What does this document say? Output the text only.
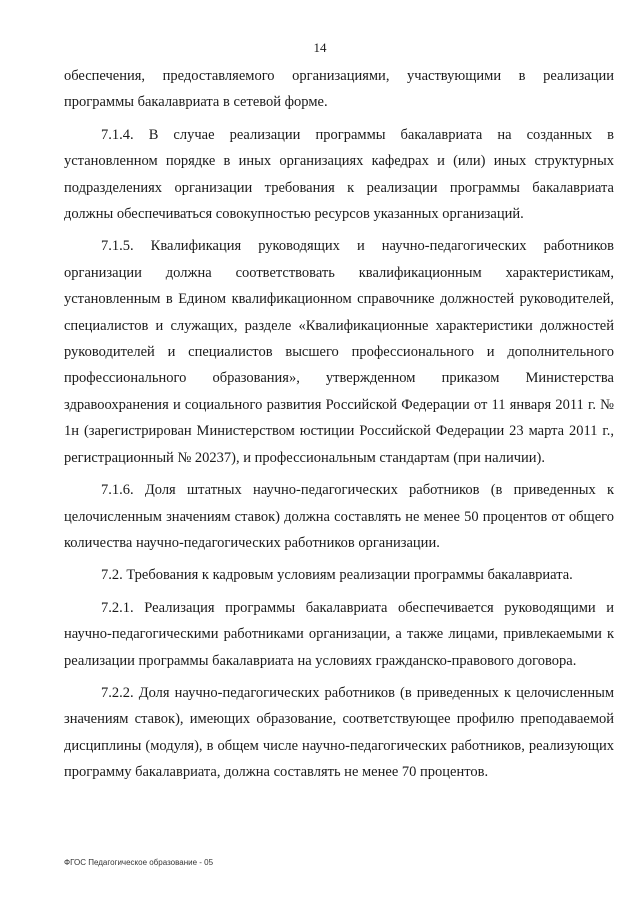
14

обеспечения, предоставляемого организациями, участвующими в реализации программы бакалавриата в сетевой форме.

7.1.4. В случае реализации программы бакалавриата на созданных в установленном порядке в иных организациях кафедрах и (или) иных структурных подразделениях организации требования к реализации программы бакалавриата должны обеспечиваться совокупностью ресурсов указанных организаций.

7.1.5. Квалификация руководящих и научно-педагогических работников организации должна соответствовать квалификационным характеристикам, установленным в Едином квалификационном справочнике должностей руководителей, специалистов и служащих, разделе «Квалификационные характеристики должностей руководителей и специалистов высшего профессионального и дополнительного профессионального образования», утвержденном приказом Министерства здравоохранения и социального развития Российской Федерации от 11 января 2011 г. № 1н (зарегистрирован Министерством юстиции Российской Федерации 23 марта 2011 г., регистрационный № 20237), и профессиональным стандартам (при наличии).

7.1.6. Доля штатных научно-педагогических работников (в приведенных к целочисленным значениям ставок) должна составлять не менее 50 процентов от общего количества научно-педагогических работников организации.

7.2. Требования к кадровым условиям реализации программы бакалавриата.

7.2.1. Реализация программы бакалавриата обеспечивается руководящими и научно-педагогическими работниками организации, а также лицами, привлекаемыми к реализации программы бакалавриата на условиях гражданско-правового договора.

7.2.2. Доля научно-педагогических работников (в приведенных к целочисленным значениям ставок), имеющих образование, соответствующее профилю преподаваемой дисциплины (модуля), в общем числе научно-педагогических работников, реализующих программу бакалавриата, должна составлять не менее 70 процентов.

ФГОС Педагогическое образование - 05
